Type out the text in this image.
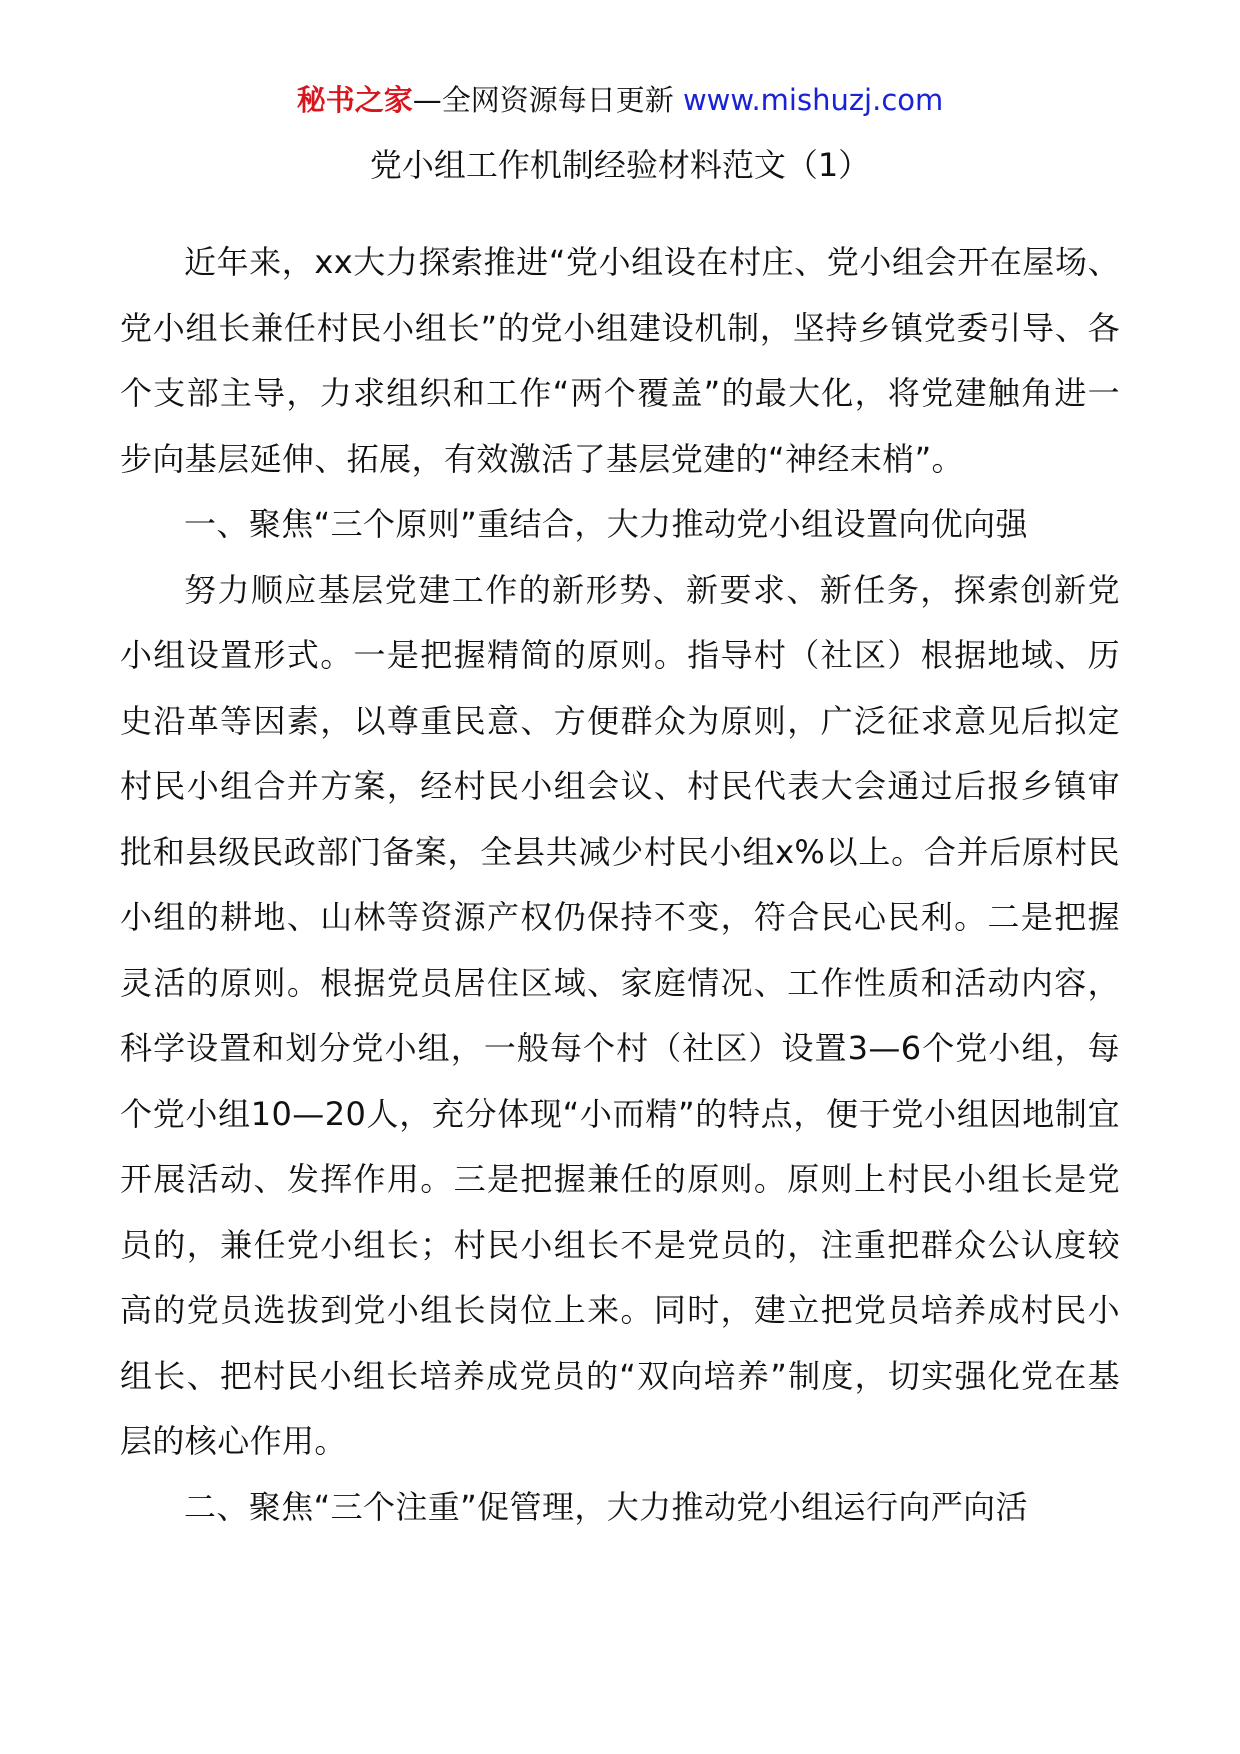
秘书之家—全网资源每日更新 www.mishuzj.com
党小组工作机制经验材料范文（1）

近年来，xx大力探索推进“党小组设在村庄、党小组会开在屋场、党小组长兼任村民小组长”的党小组建设机制，坚持乡镇党委引导、各个支部主导，力求组织和工作“两个覆盖”的最大化，将党建触角进一步向基层延伸、拓展，有效激活了基层党建的“神经末梢”。

一、聚焦“三个原则”重结合，大力推动党小组设置向优向强

努力顺应基层党建工作的新形势、新要求、新任务，探索创新党小组设置形式。一是把握精简的原则。指导村（社区）根据地域、历史沿革等因素，以尊重民意、方便群众为原则，广泛征求意见后拟定村民小组合并方案，经村民小组会议、村民代表大会通过后报乡镇审批和县级民政部门备案，全县共减少村民小组x%以上。合并后原村民小组的耕地、山林等资源产权仍保持不变，符合民心民利。二是把握灵活的原则。根据党员居住区域、家庭情况、工作性质和活动内容，科学设置和划分党小组，一般每个村（社区）设置3—6个党小组，每个党小组10—20人，充分体现“小而精”的特点，便于党小组因地制宜开展活动、发挥作用。三是把握兼任的原则。原则上村民小组长是党员的，兼任党小组长；村民小组长不是党员的，注重把群众公认度较高的党员选拔到党小组长岗位上来。同时，建立把党员培养成村民小组长、把村民小组长培养成党员的“双向培养”制度，切实强化党在基层的核心作用。

二、聚焦“三个注重”促管理，大力推动党小组运行向严向活
